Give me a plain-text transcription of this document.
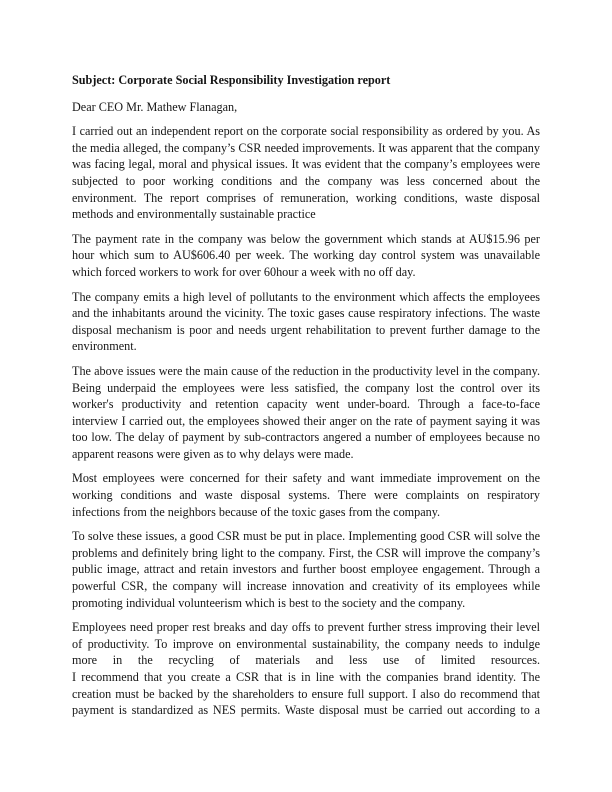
Subject: Corporate Social Responsibility Investigation report

Dear CEO Mr. Mathew Flanagan,

I carried out an independent report on the corporate social responsibility as ordered by you. As the media alleged, the company’s CSR needed improvements. It was apparent that the company was facing legal, moral and physical issues. It was evident that the company’s employees were subjected to poor working conditions and the company was less concerned about the environment. The report comprises of remuneration, working conditions, waste disposal methods and environmentally sustainable practice

The payment rate in the company was below the government which stands at AU$15.96 per hour which sum to AU$606.40 per week. The working day control system was unavailable which forced workers to work for over 60hour a week with no off day.

The company emits a high level of pollutants to the environment which affects the employees and the inhabitants around the vicinity. The toxic gases cause respiratory infections. The waste disposal mechanism is poor and needs urgent rehabilitation to prevent further damage to the environment.

The above issues were the main cause of the reduction in the productivity level in the company. Being underpaid the employees were less satisfied, the company lost the control over its worker's productivity and retention capacity went under-board. Through a face-to-face interview I carried out, the employees showed their anger on the rate of payment saying it was too low. The delay of payment by sub-contractors angered a number of employees because no apparent reasons were given as to why delays were made.

Most employees were concerned for their safety and want immediate improvement on the working conditions and waste disposal systems. There were complaints on respiratory infections from the neighbors because of the toxic gases from the company.

To solve these issues, a good CSR must be put in place. Implementing good CSR will solve the problems and definitely bring light to the company. First, the CSR will improve the company’s public image, attract and retain investors and further boost employee engagement. Through a powerful CSR, the company will increase innovation and creativity of its employees while promoting individual volunteerism which is best to the society and the company.

Employees need proper rest breaks and day offs to prevent further stress improving their level of productivity. To improve on environmental sustainability, the company needs to indulge more in the recycling of materials and less use of limited resources.

I recommend that you create a CSR that is in line with the companies brand identity. The creation must be backed by the shareholders to ensure full support. I also do recommend that payment is standardized as NES permits. Waste disposal must be carried out according to a
